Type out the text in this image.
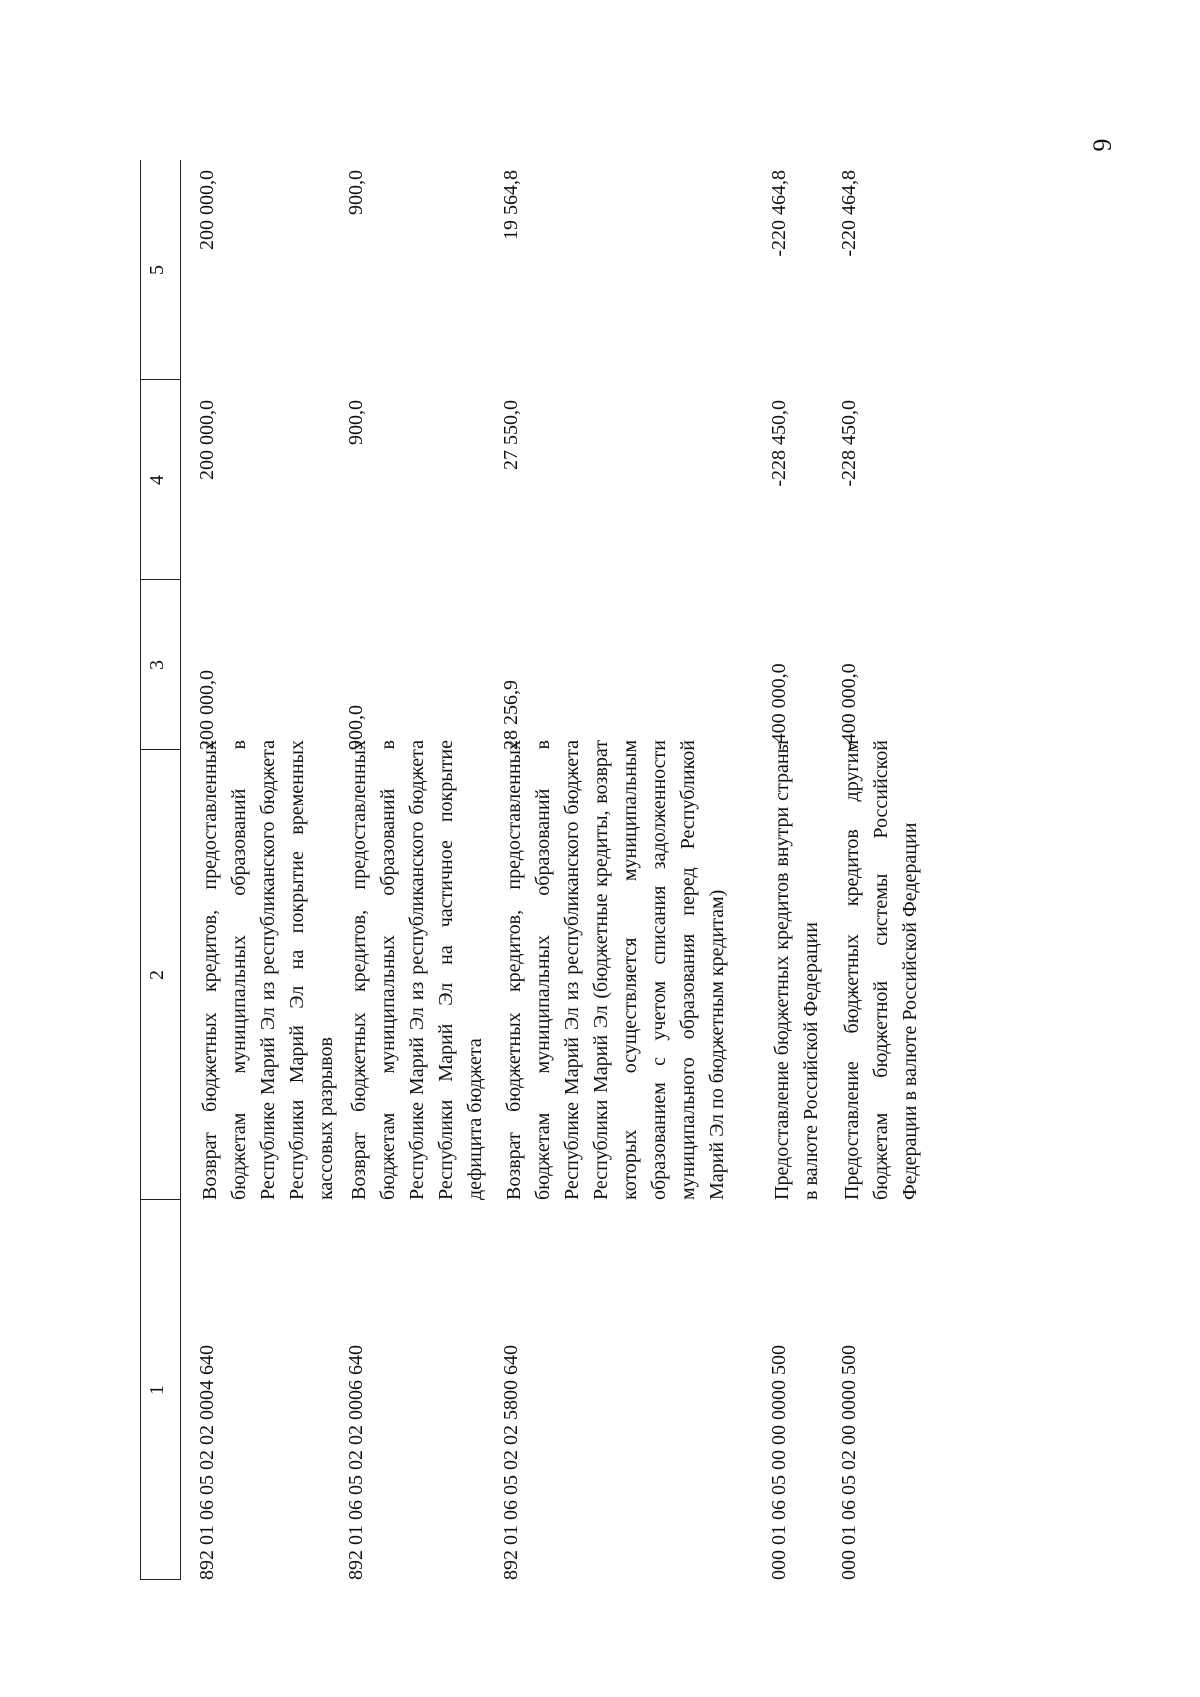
6
1
2
3
4
5
892 01 06 05 02 02 0004 640
Возврат бюджетных кредитов, предоставленных бюджетам муниципальных образований в Республике Марий Эл из республиканского бюджета Республики Марий Эл на покрытие временных кассовых разрывов
200 000,0
200 000,0
200 000,0
892 01 06 05 02 02 0006 640
Возврат бюджетных кредитов, предоставленных бюджетам муниципальных образований в Республике Марий Эл из республиканского бюджета Республики Марий Эл на частичное покрытие дефицита бюджета
900,0
900,0
900,0
892 01 06 05 02 02 5800 640
Возврат бюджетных кредитов, предоставленных бюджетам муниципальных образований в Республике Марий Эл из республиканского бюджета Республики Марий Эл (бюджетные кредиты, возврат которых осуществляется муниципальным образованием с учетом списания задолженности муниципального образования перед Республикой Марий Эл по бюджетным кредитам)
28 256,9
27 550,0
19 564,8
000 01 06 05 00 00 0000 500
Предоставление бюджетных кредитов внутри страны в валюте Российской Федерации
-400 000,0
-228 450,0
-220 464,8
000 01 06 05 02 00 0000 500
Предоставление бюджетных кредитов другим бюджетам бюджетной системы Российской Федерации в валюте Российской Федерации
-400 000,0
-228 450,0
-220 464,8
